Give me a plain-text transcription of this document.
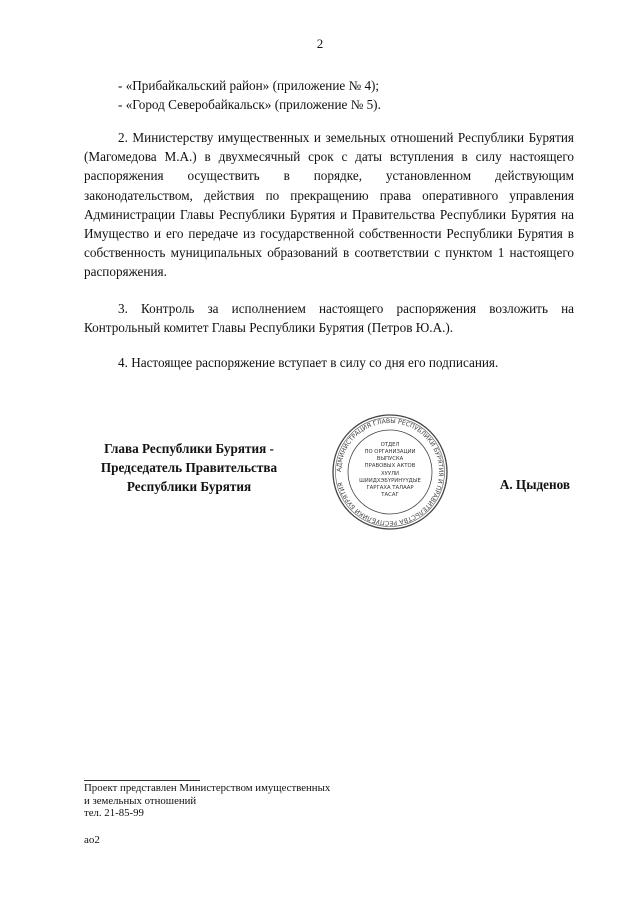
2
- «Прибайкальский район» (приложение № 4);
- «Город Северобайкальск» (приложение № 5).

2. Министерству имущественных и земельных отношений Республики Бурятия (Магомедова М.А.) в двухмесячный срок с даты вступления в силу настоящего распоряжения осуществить в порядке, установленном действующим законодательством, действия по прекращению права оперативного управления Администрации Главы Республики Бурятия и Правительства Республики Бурятия на Имущество и его передаче из государственной собственности Республики Бурятия в собственность муниципальных образований в соответствии с пунктом 1 настоящего распоряжения.

3. Контроль за исполнением настоящего распоряжения возложить на Контрольный комитет Главы Республики Бурятия (Петров Ю.А.).

4. Настоящее распоряжение вступает в силу со дня его подписания.

Глава Республики Бурятия -
Председатель Правительства
Республики Бурятия
АДМИНИСТРАЦИЯ ГЛАВЫ РЕСПУБЛИКИ БУРЯТИЯ И ПРАВИТЕЛЬСТВА РЕСПУБЛИКИ БУРЯТИЯ
ОТДЕЛ
ПО ОРГАНИЗАЦИИ
ВЫПУСКА
ПРАВОВЫХ АКТОВ
ХУУЛИ
ШИИДХЭБҮРИНҮҮДЫЕ
ГАРГАХА ТАЛААР
ТАСАГ
А. Цыденов
Проект представлен Министерством имущественных
и земельных отношений
тел. 21-85-99
ао2
